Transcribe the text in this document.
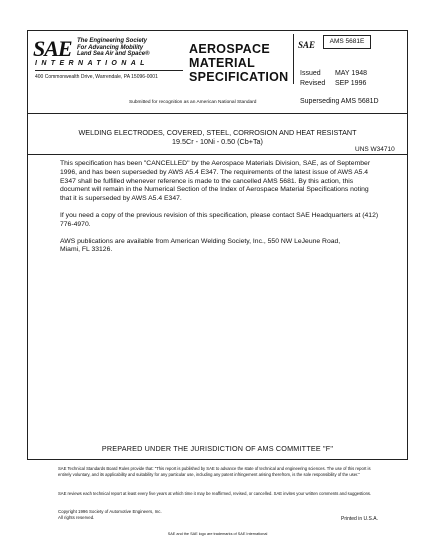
SAE The Engineering Society
For Advancing Mobility
Land Sea Air and Space®
INTERNATIONAL
400 Commonwealth Drive, Warrendale, PA 15096-0001
AEROSPACE
MATERIAL
SPECIFICATION
SAE	AMS 5681E
Issued MAY 1948
Revised SEP 1996
Submitted for recognition as an American National Standard	Superseding AMS 5681D
WELDING ELECTRODES, COVERED, STEEL, CORROSION AND HEAT RESISTANT
19.5Cr - 10Ni - 0.50 (Cb+Ta)
UNS W34710

This specification has been "CANCELLED" by the Aerospace Materials Division, SAE, as of September 1996, and has been superseded by AWS A5.4 E347. The requirements of the latest issue of AWS A5.4 E347 shall be fulfilled whenever reference is made to the cancelled AMS 5681. By this action, this document will remain in the Numerical Section of the Index of Aerospace Material Specifications noting that it is superseded by AWS A5.4 E347.

If you need a copy of the previous revision of this specification, please contact SAE Headquarters at (412) 776-4970.

AWS publications are available from American Welding Society, Inc., 550 NW LeJeune Road,
Miami, FL 33126.

PREPARED UNDER THE JURISDICTION OF AMS COMMITTEE "F"
SAE Technical Standards Board Rules provide that: "This report is published by SAE to advance the state of technical and engineering sciences. The use of this report is entirely voluntary, and its applicability and suitability for any particular use, including any patent infringement arising therefrom, is the sole responsibility of the user."
SAE reviews each technical report at least every five years at which time it may be reaffirmed, revised, or cancelled. SAE invites your written comments and suggestions.
Copyright 1996 Society of Automotive Engineers, Inc.
All rights reserved.	Printed in U.S.A.
SAE and the SAE logo are trademarks of SAE International
